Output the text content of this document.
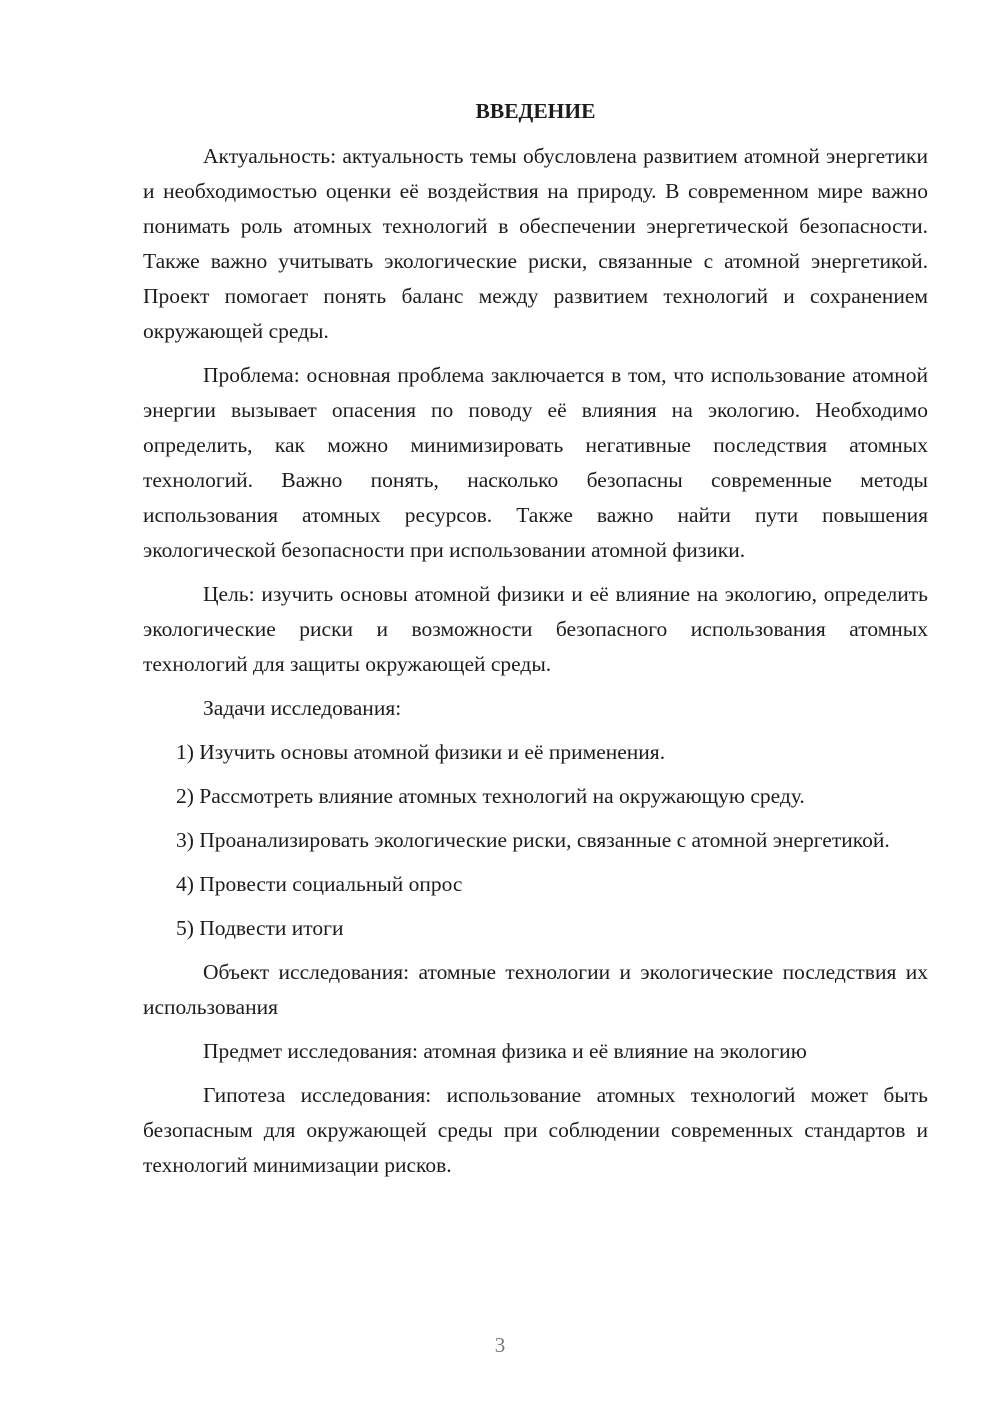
ВВЕДЕНИЕ

Актуальность: актуальность темы обусловлена развитием атомной энергетики и необходимостью оценки её воздействия на природу. В современном мире важно понимать роль атомных технологий в обеспечении энергетической безопасности. Также важно учитывать экологические риски, связанные с атомной энергетикой. Проект помогает понять баланс между развитием технологий и сохранением окружающей среды.

Проблема: основная проблема заключается в том, что использование атомной энергии вызывает опасения по поводу её влияния на экологию. Необходимо определить, как можно минимизировать негативные последствия атомных технологий. Важно понять, насколько безопасны современные методы использования атомных ресурсов. Также важно найти пути повышения экологической безопасности при использовании атомной физики.

Цель: изучить основы атомной физики и её влияние на экологию, определить экологические риски и возможности безопасного использования атомных технологий для защиты окружающей среды.

Задачи исследования:

1) Изучить основы атомной физики и её применения.

2) Рассмотреть влияние атомных технологий на окружающую среду.

3) Проанализировать экологические риски, связанные с атомной энергетикой.

4) Провести социальный опрос

5) Подвести итоги

Объект исследования: атомные технологии и экологические последствия их использования

Предмет исследования: атомная физика и её влияние на экологию

Гипотеза исследования: использование атомных технологий может быть безопасным для окружающей среды при соблюдении современных стандартов и технологий минимизации рисков.

3
